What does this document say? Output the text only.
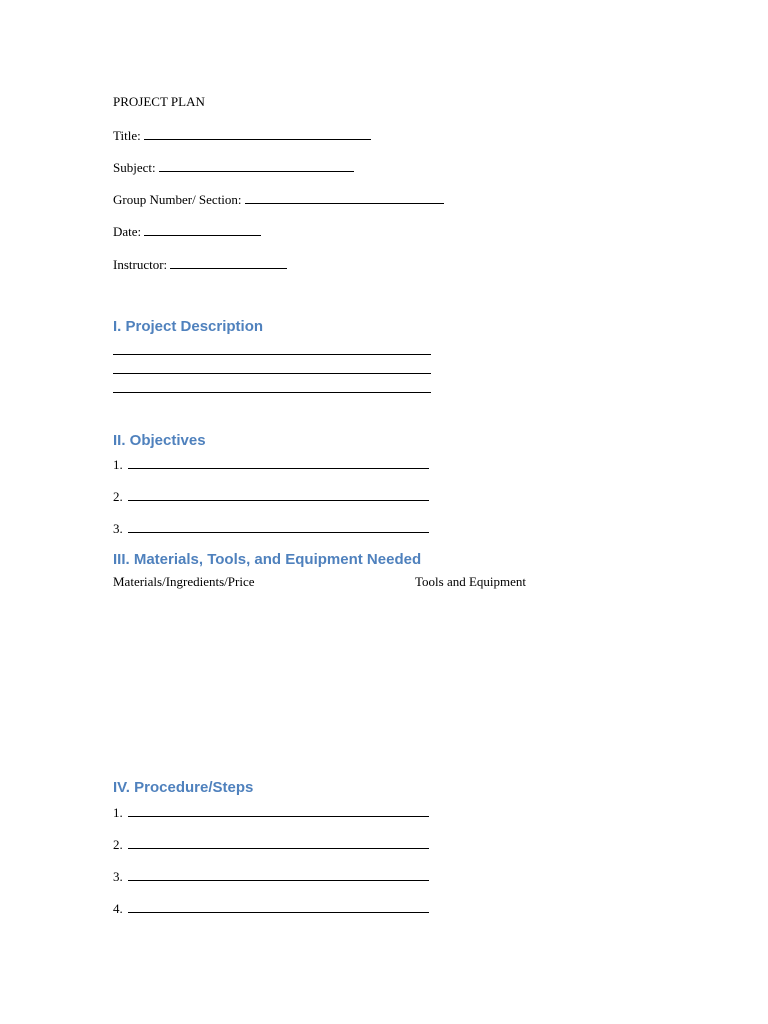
PROJECT PLAN
Title:
Subject:
Group Number/ Section:
Date:
Instructor:
I. Project Description
II. Objectives
1.
2.
3.
III. Materials, Tools, and Equipment Needed
Materials/Ingredients/Price	Tools and Equipment
IV. Procedure/Steps
1.
2.
3.
4.
